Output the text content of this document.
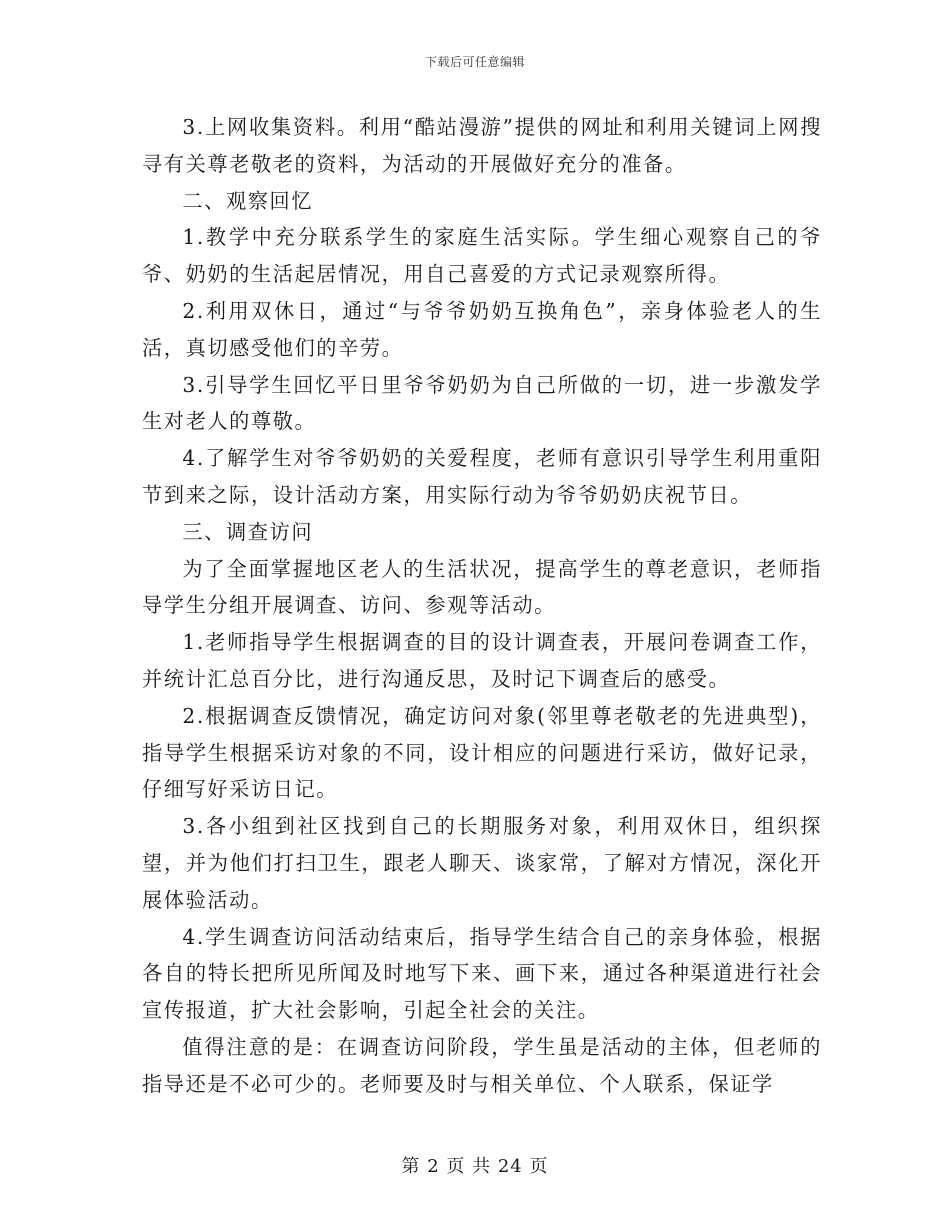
下载后可任意编辑

3.上网收集资料。利用“酷站漫游”提供的网址和利用关键词上网搜寻有关尊老敬老的资料，为活动的开展做好充分的准备。

二、观察回忆

1.教学中充分联系学生的家庭生活实际。学生细心观察自己的爷爷、奶奶的生活起居情况，用自己喜爱的方式记录观察所得。

2.利用双休日，通过“与爷爷奶奶互换角色”，亲身体验老人的生活，真切感受他们的辛劳。

3.引导学生回忆平日里爷爷奶奶为自己所做的一切，进一步激发学生对老人的尊敬。

4.了解学生对爷爷奶奶的关爱程度，老师有意识引导学生利用重阳节到来之际，设计活动方案，用实际行动为爷爷奶奶庆祝节日。

三、调查访问

为了全面掌握地区老人的生活状况，提高学生的尊老意识，老师指导学生分组开展调查、访问、参观等活动。

1.老师指导学生根据调查的目的设计调查表，开展问卷调查工作，并统计汇总百分比，进行沟通反思，及时记下调查后的感受。

2.根据调查反馈情况，确定访问对象(邻里尊老敬老的先进典型)，指导学生根据采访对象的不同，设计相应的问题进行采访，做好记录，仔细写好采访日记。

3.各小组到社区找到自己的长期服务对象，利用双休日，组织探望，并为他们打扫卫生，跟老人聊天、谈家常，了解对方情况，深化开展体验活动。

4.学生调查访问活动结束后，指导学生结合自己的亲身体验，根据各自的特长把所见所闻及时地写下来、画下来，通过各种渠道进行社会宣传报道，扩大社会影响，引起全社会的关注。

值得注意的是：在调查访问阶段，学生虽是活动的主体，但老师的指导还是不必可少的。老师要及时与相关单位、个人联系，保证学

第 2 页 共 24 页
